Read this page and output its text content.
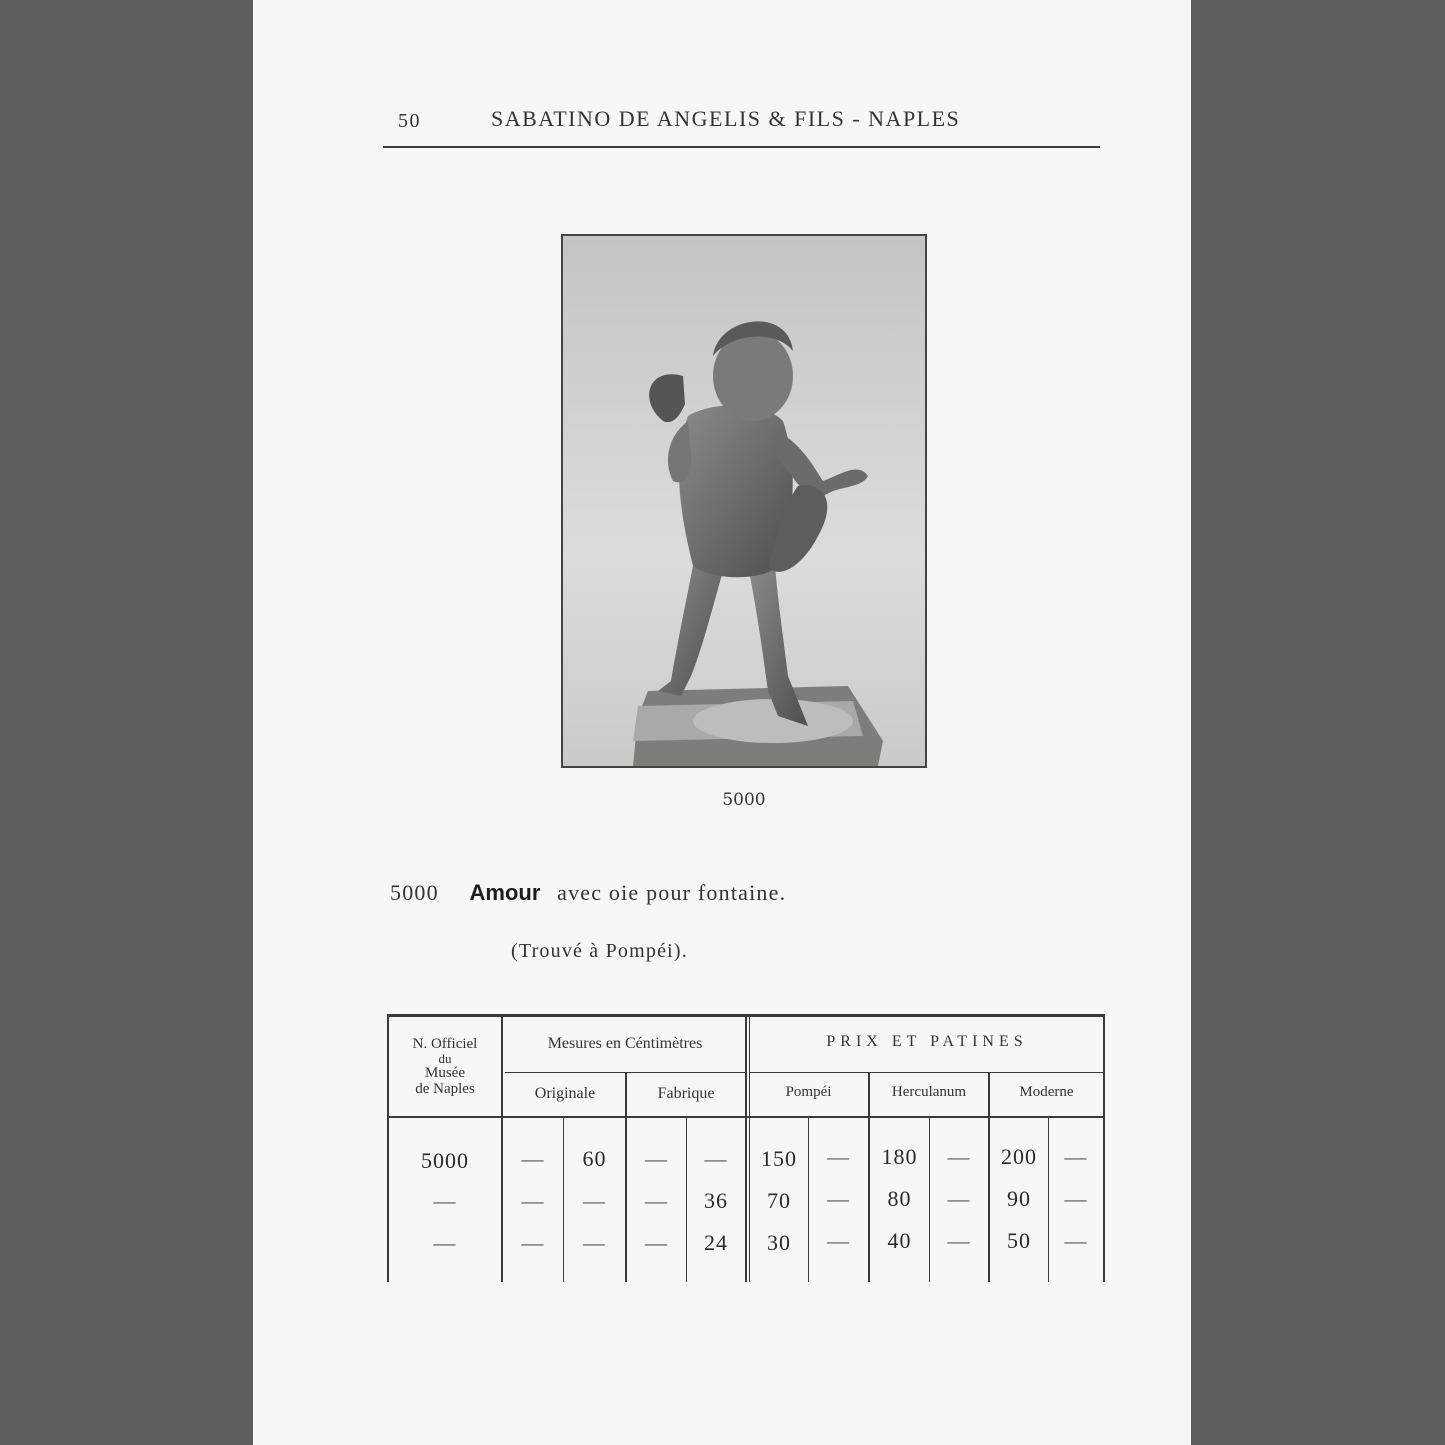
50	SABATINO DE ANGELIS & FILS - NAPLES
5000
5000 Amour avec oie pour fontaine.
(Trouvé à Pompéi).
N. Officiel
du
Musée
de Naples
Mesures en Céntimètres	PRIX ET PATINES
Originale	Fabrique	Pompéi	Herculanum	Moderne
5000	—	60	—	—	150	—	180	—	200	—
—	—	—	—	36	70	—	80	—	90	—
—	—	—	—	24	30	—	40	—	50	—
